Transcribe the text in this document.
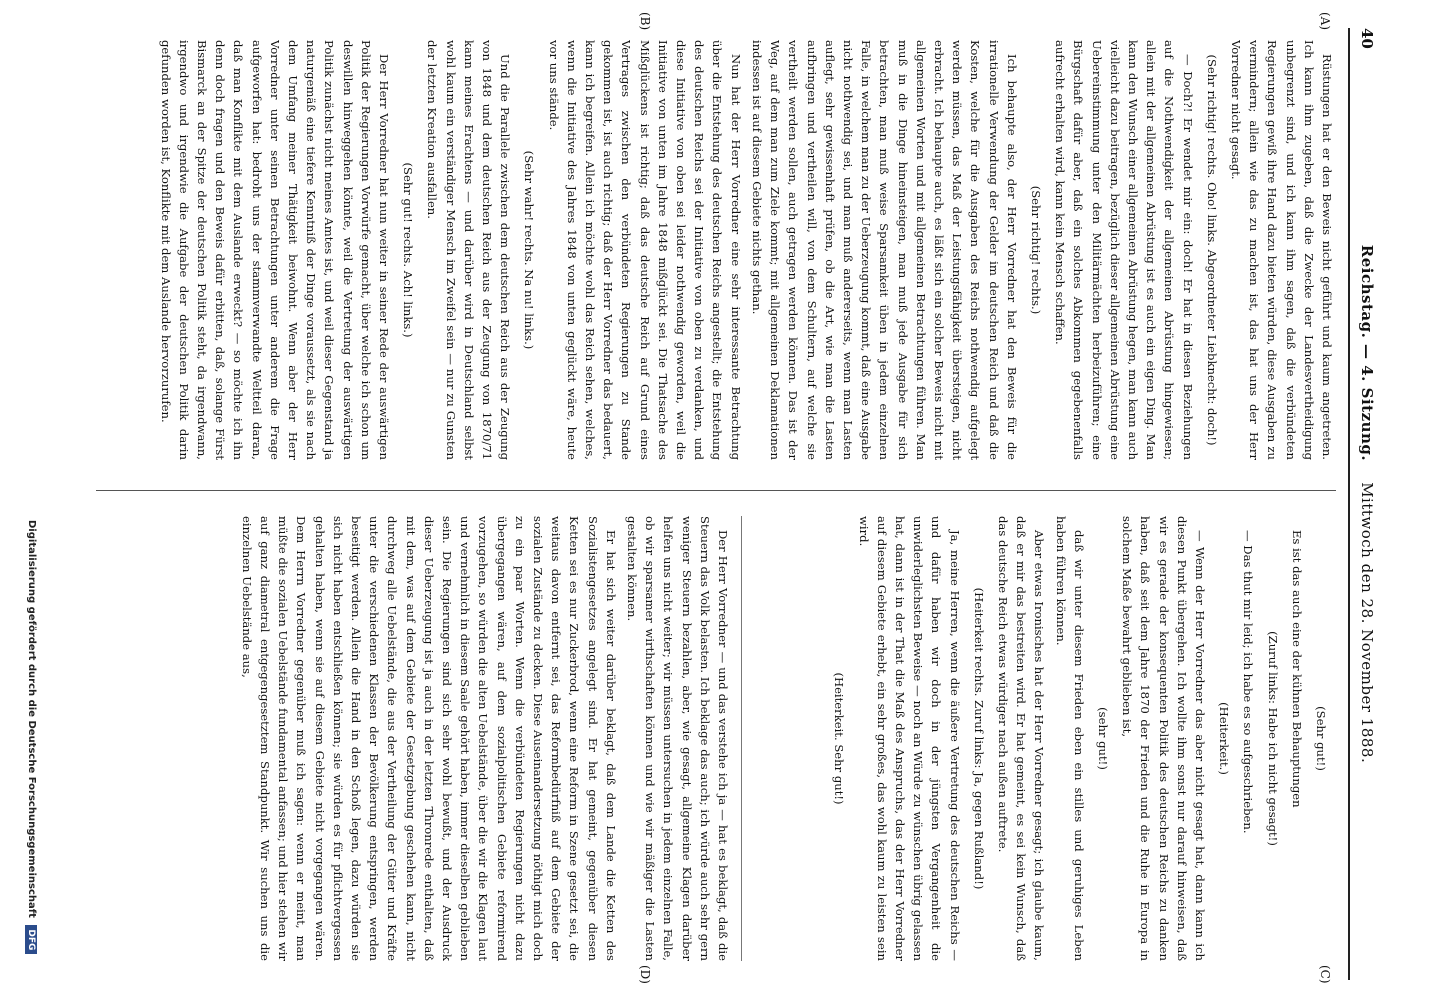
40
Reichstag. — 4. Sitzung.    Mittwoch den 28. November 1888.
(A)
(B)
(C)
(D)

Rüstungen hat er den Beweis nicht geführt und kaum angetreten. Ich kann ihm zugeben, daß die Zwecke der Landesvertheidigung unbegrenzt sind, und ich kann ihm sagen, daß die verbündeten Regierungen gewiß ihre Hand dazu bieten würden, diese Ausgaben zu vermindern; allein wie das zu machen ist, das hat uns der Herr Vorredner nicht gesagt.

(Sehr richtig! rechts. Oho! links. Abgeordneter Liebknecht: doch!)

— Doch?! Er wendet mir ein: doch! Er hat in diesen Beziehungen auf die Nothwendigkeit der allgemeinen Abrüstung hingewiesen; allein mit der allgemeinen Abrüstung ist es auch ein eigen Ding. Man kann den Wunsch einer allgemeinen Abrüstung hegen, man kann auch vielleicht dazu beitragen, bezüglich dieser allgemeinen Abrüstung eine Uebereinstimmung unter den Militärmächten herbeizuführen; eine Bürgschaft dafür aber, daß ein solches Abkommen gegebenenfalls aufrecht erhalten wird, kann kein Mensch schaffen.

(Sehr richtig! rechts.)

Ich behaupte also, der Herr Vorredner hat den Beweis für die irrationelle Verwendung der Gelder im deutschen Reich und daß die Kosten, welche für die Ausgaben des Reichs nothwendig aufgelegt werden müssen, das Maß der Leistungsfähigkeit übersteigen, nicht erbracht. Ich behaupte auch, es läßt sich ein solcher Beweis nicht mit allgemeinen Worten und mit allgemeinen Betrachtungen führen. Man muß in die Dinge hineinsteigen, man muß jede Ausgabe für sich betrachten, man muß weise Sparsamkeit üben in jedem einzelnen Falle, in welchem man zu der Ueberzeugung kommt, daß eine Ausgabe nicht nothwendig sei, und man muß andererseits, wenn man Lasten auflegt, sehr gewissenhaft prüfen, ob die Art, wie man die Lasten aufbringen und vertheilen will, von dem Schultern, auf welche sie vertheilt werden sollen, auch getragen werden können. Das ist der Weg, auf dem man zum Ziele kommt; mit allgemeinen Deklamationen indessen ist auf diesem Gebiete nichts gethan.

Nun hat der Herr Vorredner eine sehr interessante Betrachtung über die Entstehung des deutschen Reichs angestellt; die Entstehung des deutschen Reichs sei der Initiative von oben zu verdanken, und diese Initiative von oben sei leider nothwendig geworden, weil die Initiative von unten im Jahre 1848 mißglückt sei. Die Thatsache des Mißglückens ist richtig; daß das deutsche Reich auf Grund eines Vertrages zwischen den verbündeten Regierungen zu Stande gekommen ist, ist auch richtig; daß der Herr Vorredner das bedauert, kann ich begreifen. Allein ich möchte wohl das Reich sehen, welches, wenn die Initiative des Jahres 1848 von unten geglückt wäre, heute vor uns stände.

(Sehr wahr! rechts. Na nu! links.)

Und die Parallele zwischen dem deutschen Reich aus der Zeugung von 1848 und dem deutschen Reich aus der Zeugung von 1870/71 kann meines Erachtens — und darüber wird in Deutschland selbst wohl kaum ein verständiger Mensch im Zweifel sein — nur zu Gunsten der letzten Kreation ausfallen.

(Sehr gut! rechts. Ach! links.)

Der Herr Vorredner hat nun weiter in seiner Rede der auswärtigen Politik der Regierungen Vorwürfe gemacht, über welche ich schon um deswillen hinweggehen könnte, weil die Vertretung der auswärtigen Politik zunächst nicht meines Amtes ist, und weil dieser Gegenstand ja naturgemäß eine tiefere Kenntniß der Dinge voraussetzt, als sie nach dem Umfang meiner Thätigkeit beiwohnt. Wenn aber der Herr Vorredner unter seinen Betrachtungen unter anderem die Frage aufgeworfen hat: bedroht uns der stammverwandte Weltteil daran, daß man Konflikte mit dem Auslande erweckt? — so möchte ich ihn denn doch fragen und den Beweis dafür erbitten, daß, solange Fürst Bismarck an der Spitze der deutschen Politik steht, da irgendwann, irgendwo und irgendwie die Aufgabe der deutschen Politik darin gefunden worden ist, Konflikte mit dem Auslande hervorzurufen.

(Sehr gut!)

Es ist das auch eine der kühnen Behauptungen

(Zuruf links: Habe ich nicht gesagt!)

— Das thut mir leid; ich habe es so aufgeschrieben.

(Heiterkeit.)

— Wenn der Herr Vorredner das aber nicht gesagt hat, dann kann ich diesen Punkt übergehen. Ich wollte ihm sonst nur darauf hinweisen, daß wir es gerade der konsequenten Politik des deutschen Reichs zu danken haben, daß seit dem Jahre 1870 der Frieden und die Ruhe in Europa in solchem Maße bewahrt geblieben ist,

(sehr gut!)

daß wir unter diesem Frieden eben ein stilles und geruhiges Leben haben führen können.

Aber etwas Ironisches hat der Herr Vorredner gesagt; ich glaube kaum, daß er mir das bestreiten wird. Er hat gemeint, es sei kein Wunsch, daß das deutsche Reich etwas würdiger nach außen auftrete.

(Heiterkeit rechts. Zuruf links: Ja, gegen Rußland!)

Ja, meine Herren, wenn die äußere Vertretung des deutschen Reichs — und dafür haben wir doch in der jüngsten Vergangenheit die unwiderleglichsten Beweise — noch an Würde zu wünschen übrig gelassen hat, dann ist in der That die Maß des Anspruchs, das der Herr Vorredner auf diesem Gebiete erhebt, ein sehr großes, das wohl kaum zu leisten sein wird.

(Heiterkeit. Sehr gut!)

Der Herr Vorredner — und das verstehe ich ja — hat es beklagt, daß die Steuern das Volk belasten. Ich beklage das auch; ich würde auch sehr gern weniger Steuern bezahlen, aber, wie gesagt, allgemeine Klagen darüber helfen uns nicht weiter; wir müssen untersuchen in jedem einzelnen Falle, ob wir sparsamer wirthschaften können und wie wir mäßiger die Lasten gestalten können.

Er hat sich weiter darüber beklagt, daß dem Lande die Ketten des Sozialistengesetzes angelegt sind. Er hat gemeint, gegenüber diesen Ketten sei es nur Zuckerbrod, wenn eine Reform in Szene gesetzt sei, die weitaus davon entfernt sei, das Reformbedürfniß auf dem Gebiete der sozialen Zustände zu decken. Diese Auseinandersetzung nöthigt mich doch zu ein paar Worten. Wenn die verbündeten Regierungen nicht dazu übergegangen wären, auf dem sozialpolitischen Gebiete reformirend vorzugehen, so würden die alten Uebelstände, über die wir die Klagen laut und vernehmlich in diesem Saale gehört haben, immer dieselben geblieben sein. Die Regierungen sind sich sehr wohl bewußt, und der Ausdruck dieser Ueberzeugung ist ja auch in der letzten Thronrede enthalten, daß mit dem, was auf dem Gebiete der Gesetzgebung geschehen kann, nicht durchweg alle Uebelstände, die aus der Vertheilung der Güter und Kräfte unter die verschiedenen Klassen der Bevölkerung entspringen, werden beseitigt werden. Allein die Hand in den Schoß legen, dazu würden sie sich nicht haben entschließen können; sie würden es für pflichtvergessen gehalten haben, wenn sie auf diesem Gebiete nicht vorgegangen wären. Dem Herrn Vorredner gegenüber muß ich sagen: wenn er meint, man müßte die sozialen Uebelstände fundamental anfassen; und hier stehen wir auf ganz diametral entgegengesetztem Standpunkt. Wir suchen uns die einzelnen Uebelstände aus,

Digitalisierung gefördert durch die Deutsche Forschungsgemeinschaft DFG
